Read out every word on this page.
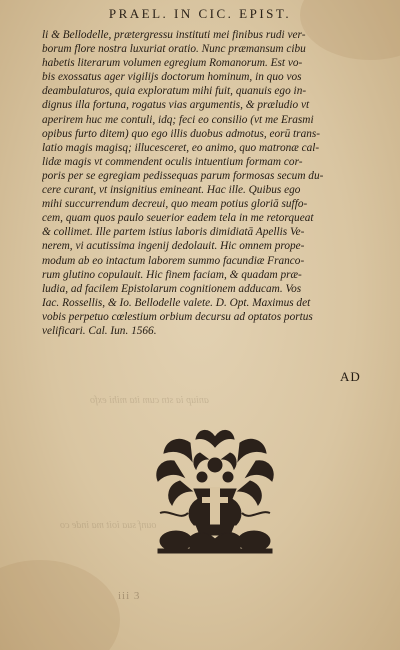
aniup ia stn cum ita mihi exfo
ounf sua ioit ma inde co
PRAEL. IN CIC. EPIST.
li & Bellodelle, prætergressu instituti mei finibus rudi ver-
borum flore nostra luxuriat oratio. Nunc præmansum cibu
habetis literarum volumen egregium Romanorum. Est vo-
bis exossatus ager vigilijs doctorum hominum, in quo vos
deambulaturos, quia exploratum mihi fuit, quanuis ego in-
dignus illa fortuna, rogatus vias argumentis, & præludio vt
aperirem huc me contuli, idq; feci eo consilio (vt me Erasmi
opibus furto ditem) quo ego illis duobus admotus, eorū trans-
latio magis magisq; illucesceret, eo animo, quo matronæ cal-
lidæ magis vt commendent oculis intuentium formam cor-
poris per se egregiam pedissequas parum formosas secum du-
cere curant, vt insignitius emineant. Hac ille. Quibus ego
mihi succurrendum decreui, quo meam potius gloriā suffo-
cem, quam quos paulo seuerior eadem tela in me retorqueat
& collimet. Ille partem istius laboris dimidiatā Apellis Ve-
nerem, vi acutissima ingenij dedolauit. Hic omnem prope-
modum ab eo intactum laborem summo facundiæ Franco-
rum glutino copulauit. Hic finem faciam, & quadam præ-
ludia, ad facilem Epistolarum cognitionem adducam. Vos
Iac. Rossellis, & Io. Bellodelle valete. D. Opt. Maximus det
vobis perpetuo cœlestium orbium decursu ad optatos portus
velificari. Cal. Iun. 1566.
AD
iii 3
